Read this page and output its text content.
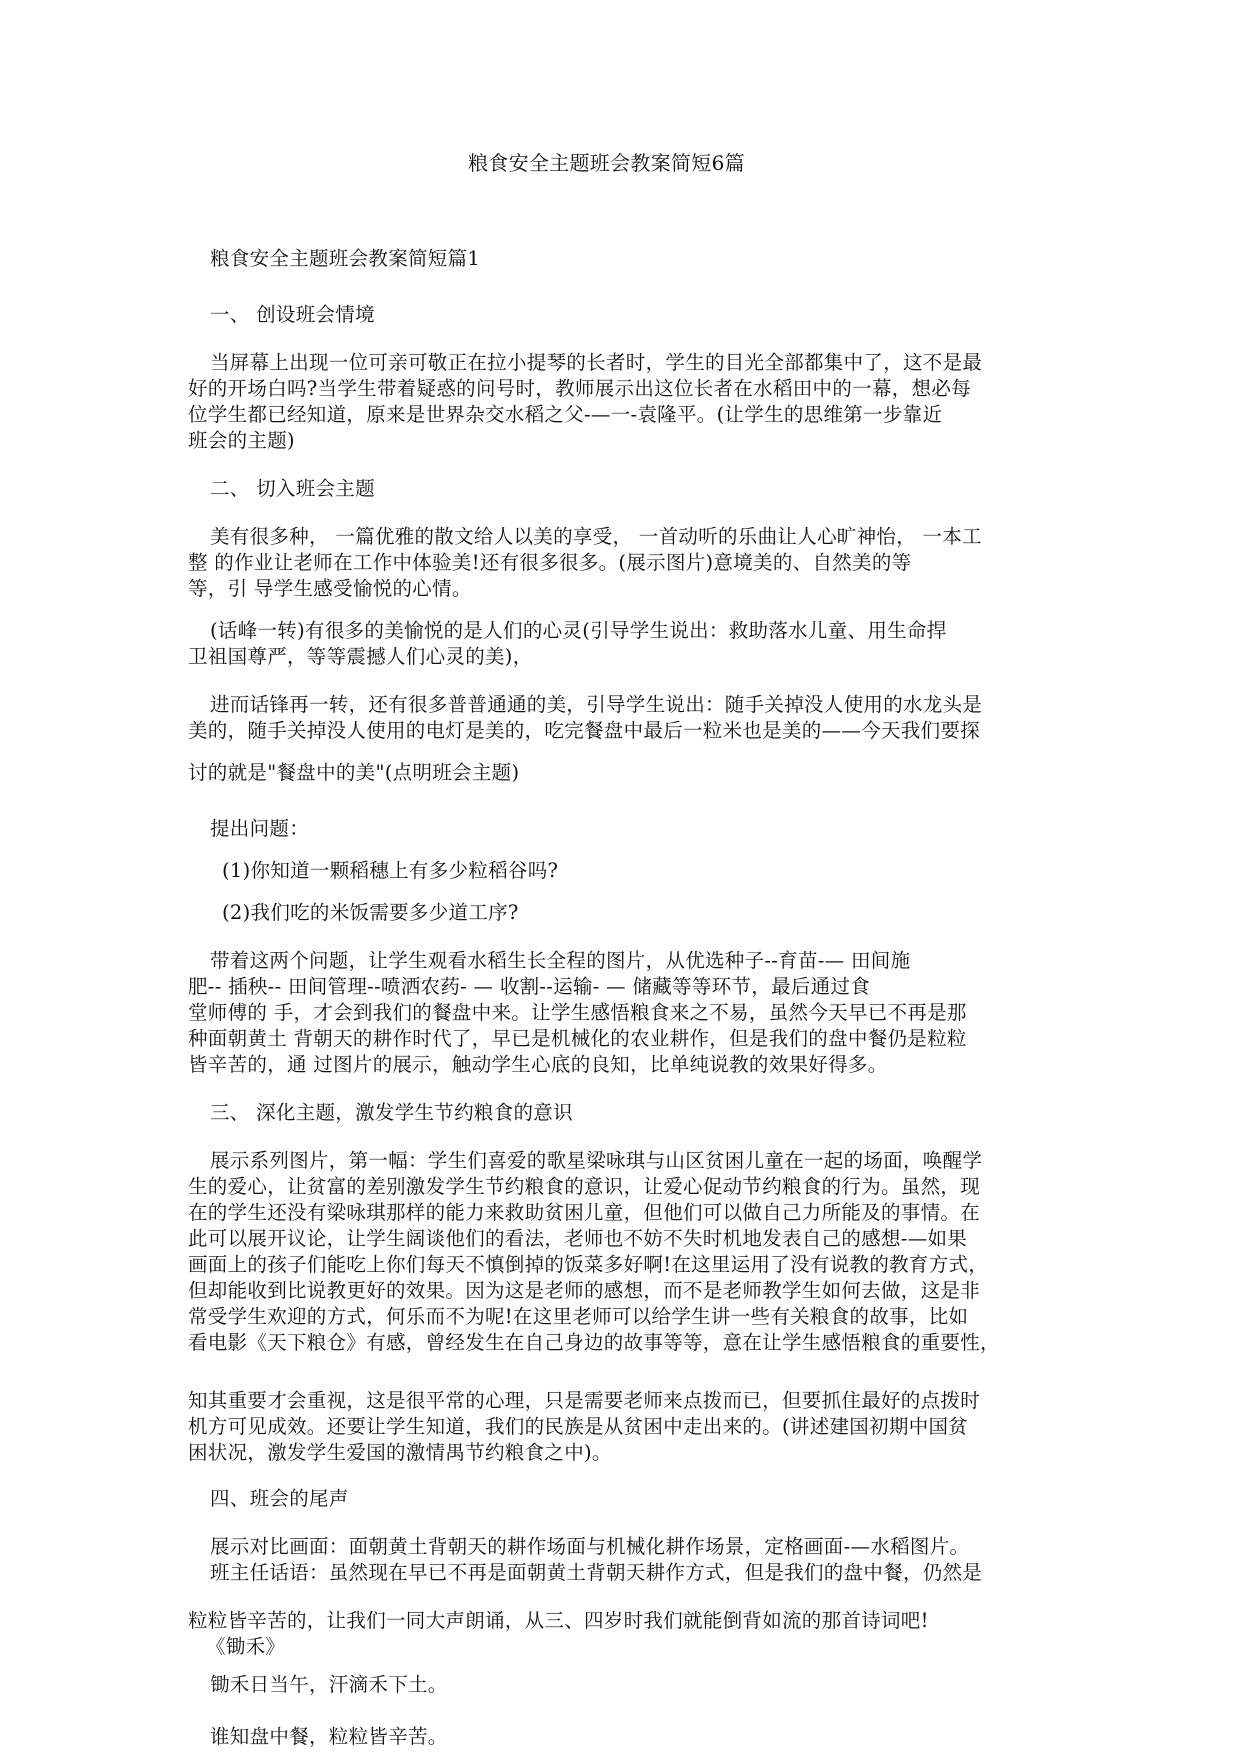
粮食安全主题班会教案简短6篇

粮食安全主题班会教案简短篇1

一、 创设班会情境

当屏幕上出现一位可亲可敬正在拉小提琴的长者时，学生的目光全部都集中了，这不是最

好的开场白吗?当学生带着疑惑的问号时，教师展示出这位长者在水稻田中的一幕，想必每

位学生都已经知道，原来是世界杂交水稻之父-—一-袁隆平。(让学生的思维第一步靠近

班会的主题)

二、 切入班会主题

美有很多种， 一篇优雅的散文给人以美的享受， 一首动听的乐曲让人心旷神怡， 一本工

整 的作业让老师在工作中体验美!还有很多很多。(展示图片)意境美的、自然美的等

等，引 导学生感受愉悦的心情。

(话峰一转)有很多的美愉悦的是人们的心灵(引导学生说出：救助落水儿童、用生命捍

卫祖国尊严，等等震撼人们心灵的美)，

进而话锋再一转，还有很多普普通通的美，引导学生说出：随手关掉没人使用的水龙头是

美的，随手关掉没人使用的电灯是美的，吃完餐盘中最后一粒米也是美的——今天我们要探

讨的就是"餐盘中的美"(点明班会主题)

提出问题：

(1)你知道一颗稻穗上有多少粒稻谷吗?

(2)我们吃的米饭需要多少道工序?

带着这两个问题，让学生观看水稻生长全程的图片，从优选种子--育苗-— 田间施

肥-- 插秧-- 田间管理--喷洒农药- — 收割--运输- — 储藏等等环节，最后通过食

堂师傅的 手，才会到我们的餐盘中来。让学生感悟粮食来之不易，虽然今天早已不再是那

种面朝黄土 背朝天的耕作时代了，早已是机械化的农业耕作，但是我们的盘中餐仍是粒粒

皆辛苦的，通 过图片的展示，触动学生心底的良知，比单纯说教的效果好得多。

三、 深化主题，激发学生节约粮食的意识

展示系列图片，第一幅：学生们喜爱的歌星梁咏琪与山区贫困儿童在一起的场面，唤醒学

生的爱心，让贫富的差别激发学生节约粮食的意识，让爱心促动节约粮食的行为。虽然，现

在的学生还没有梁咏琪那样的能力来救助贫困儿童，但他们可以做自己力所能及的事情。在

此可以展开议论，让学生阔谈他们的看法，老师也不妨不失时机地发表自己的感想-—如果

画面上的孩子们能吃上你们每天不慎倒掉的饭菜多好啊!在这里运用了没有说教的教育方式，

但却能收到比说教更好的效果。因为这是老师的感想，而不是老师教学生如何去做，这是非

常受学生欢迎的方式，何乐而不为呢!在这里老师可以给学生讲一些有关粮食的故事，比如

看电影《天下粮仓》有感，曾经发生在自己身边的故事等等，意在让学生感悟粮食的重要性，

知其重要才会重视，这是很平常的心理，只是需要老师来点拨而已，但要抓住最好的点拨时

机方可见成效。还要让学生知道，我们的民族是从贫困中走出来的。(讲述建国初期中国贫

困状况，激发学生爱国的激情禺节约粮食之中)。

四、班会的尾声

展示对比画面：面朝黄土背朝天的耕作场面与机械化耕作场景，定格画面-—水稻图片。

班主任话语：虽然现在早已不再是面朝黄土背朝天耕作方式，但是我们的盘中餐，仍然是

粒粒皆辛苦的，让我们一同大声朗诵，从三、四岁时我们就能倒背如流的那首诗词吧!

《锄禾》

锄禾日当午，汗滴禾下土。

谁知盘中餐，粒粒皆辛苦。
